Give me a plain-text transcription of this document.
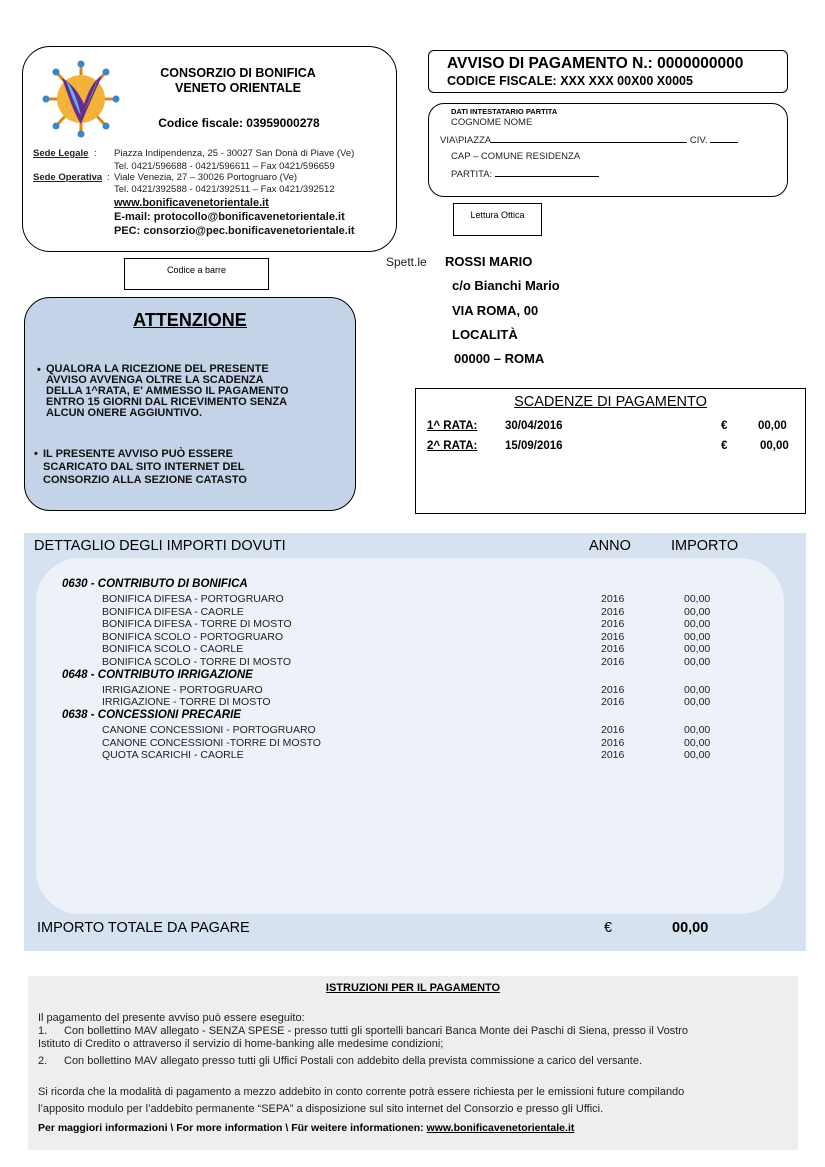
CONSORZIO DI BONIFICA
VENETO ORIENTALE
Codice fiscale: 03959000278
Sede Legale : Piazza Indipendenza, 25 - 30027 San Donà di Piave (Ve)
Tel. 0421/596688 - 0421/596611 – Fax 0421/596659
Sede Operativa : Viale Venezia, 27 – 30026 Portogruaro (Ve)
Tel. 0421/392588 - 0421/392511 – Fax 0421/392512
www.bonificavenetorientale.it
E-mail: protocollo@bonificavenetorientale.it
PEC: consorzio@pec.bonificavenetorientale.it
AVVISO DI PAGAMENTO N.: 0000000000
CODICE FISCALE: XXX XXX 00X00 X0005
DATI INTESTATARIO PARTITA
COGNOME NOME
VIA\PIAZZA	CIV.
CAP – COMUNE RESIDENZA
PARTITA:
Lettura Ottica
Codice a barre
Spett.le ROSSI MARIO
c/o Bianchi Mario
VIA ROMA, 00
LOCALITÀ
00000 – ROMA
ATTENZIONE
• QUALORA LA RICEZIONE DEL PRESENTE
AVVISO AVVENGA OLTRE LA SCADENZA
DELLA 1^RATA, E' AMMESSO IL PAGAMENTO
ENTRO 15 GIORNI DAL RICEVIMENTO SENZA
ALCUN ONERE AGGIUNTIVO.
• IL PRESENTE AVVISO PUÒ ESSERE
SCARICATO DAL SITO INTERNET DEL
CONSORZIO ALLA SEZIONE CATASTO
SCADENZE DI PAGAMENTO
1^ RATA: 30/04/2016	€	00,00
2^ RATA: 15/09/2016	€	00,00
DETTAGLIO DEGLI IMPORTI DOVUTI	ANNO	IMPORTO
0630 - CONTRIBUTO DI BONIFICA
BONIFICA DIFESA - PORTOGRUARO	2016	00,00
BONIFICA DIFESA - CAORLE	2016	00,00
BONIFICA DIFESA - TORRE DI MOSTO	2016	00,00
BONIFICA SCOLO - PORTOGRUARO	2016	00,00
BONIFICA SCOLO - CAORLE	2016	00,00
BONIFICA SCOLO - TORRE DI MOSTO	2016	00,00
0648 - CONTRIBUTO IRRIGAZIONE
IRRIGAZIONE - PORTOGRUARO	2016	00,00
IRRIGAZIONE - TORRE DI MOSTO	2016	00,00
0638 - CONCESSIONI PRECARIE
CANONE CONCESSIONI - PORTOGRUARO	2016	00,00
CANONE CONCESSIONI -TORRE DI MOSTO	2016	00,00
QUOTA SCARICHI - CAORLE	2016	00,00
IMPORTO TOTALE DA PAGARE	€	00,00
ISTRUZIONI PER IL PAGAMENTO
Il pagamento del presente avviso può essere eseguito:
1. Con bollettino MAV allegato - SENZA SPESE - presso tutti gli sportelli bancari Banca Monte dei Paschi di Siena, presso il Vostro
Istituto di Credito o attraverso il servizio di home-banking alle medesime condizioni;
2. Con bollettino MAV allegato presso tutti gli Uffici Postali con addebito della prevista commissione a carico del versante.
Si ricorda che la modalità di pagamento a mezzo addebito in conto corrente potrà essere richiesta per le emissioni future compilando
l’apposito modulo per l’addebito permanente “SEPA” a disposizione sul sito internet del Consorzio e presso gli Uffici.
Per maggiori informazioni \ For more information \ Für weitere informationen: www.bonificavenetorientale.it
